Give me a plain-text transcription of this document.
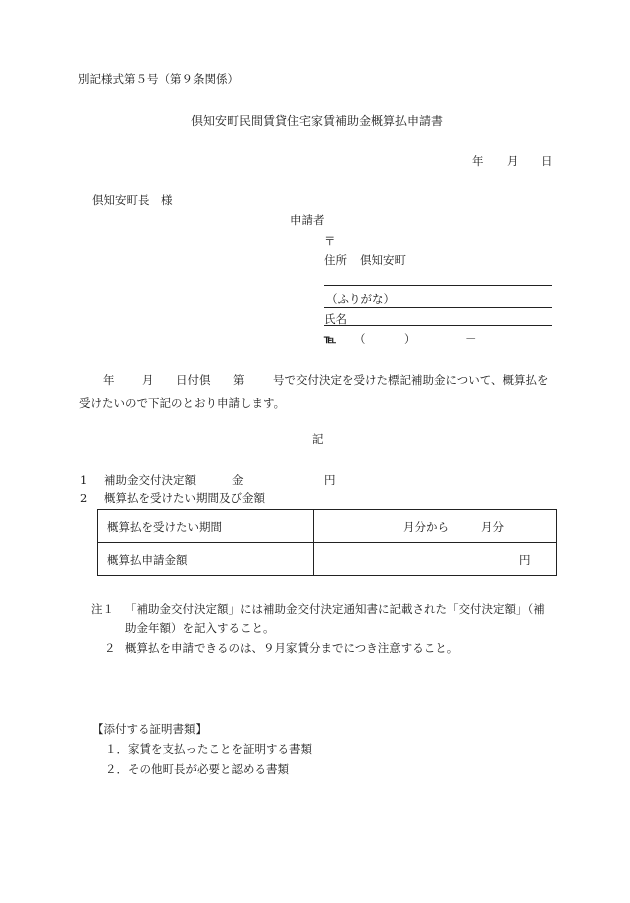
別記様式第５号（第９条関係）
倶知安町民間賃貸住宅家賃補助金概算払申請書
年 月 日
倶知安町長　様
申請者
〒
住所 倶知安町
（ふりがな）
氏名
℡ （	）	－
年 月 日付倶 第 号で交付決定を受けた標記補助金について、概算払を
受けたいので下記のとおり申請します。
記
1 補助金交付決定額	金	円
2 概算払を受けたい期間及び金額
概算払を受けたい期間	月分から 月分

概算払申請金額	円
注１ 「補助金交付決定額」には補助金交付決定通知書に記載された「交付決定額」（補
助金年額）を記入すること。
２ 概算払を申請できるのは、９月家賃分までにつき注意すること。
【添付する証明書類】
１．家賃を支払ったことを証明する書類
２．その他町長が必要と認める書類
